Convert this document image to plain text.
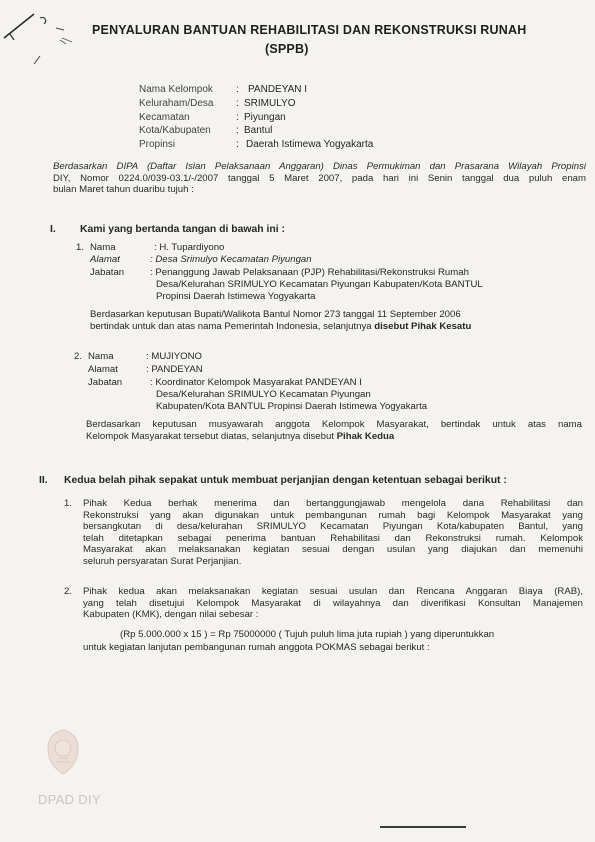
PENYALURAN BANTUAN REHABILITASI DAN REKONSTRUKSI RUNAH
(SPPB)
Nama Kelompok : PANDEYAN I
Keluraham/Desa : SRIMULYO
Kecamatan	: Piyungan
Kota/Kabupaten	: Bantul
Propinsi	: Daerah Istimewa Yogyakarta
Berdasarkan DIPA (Daftar Isian Pelaksanaan Anggaran) Dinas Permukiman dan Prasarana Wilayah Propinsi
DIY, Nomor 0224.0/039-03.1/-/2007 tanggal 5 Maret 2007, pada hari ini Senin tanggal dua puluh enam
bulan Maret tahun duaribu tujuh :
I. Kami yang bertanda tangan di bawah ini :
1. Nama	: H. Tupardiyono
Alamat	: Desa Srimulyo Kecamatan Piyungan
Jabatan	: Penanggung Jawab Pelaksanaan (PJP) Rehabilitasi/Rekonstruksi Rumah
Desa/Kelurahan SRIMULYO Kecamatan Piyungan Kabupaten/Kota BANTUL
Propinsi Daerah Istimewa Yogyakarta
Berdasarkan keputusan Bupati/Walikota Bantul Nomor 273 tanggal 11 September 2006
bertindak untuk dan atas nama Pemerintah Indonesia, selanjutnya disebut Pihak Kesatu
2. Nama	: MUJIYONO
Alamat	: PANDEYAN
Jabatan	: Koordinator Kelompok Masyarakat PANDEYAN I
Desa/Kelurahan SRIMULYO Kecamatan Piyungan
Kabupaten/Kota BANTUL Propinsi Daerah Istimewa Yogyakarta
Berdasarkan keputusan musyawarah anggota Kelompok Masyarakat, bertindak untuk atas nama
Kelompok Masyarakat tersebut diatas, selanjutnya disebut Pihak Kedua
II. Kedua belah pihak sepakat untuk membuat perjanjian dengan ketentuan sebagai berikut :
1. Pihak Kedua berhak menerima dan bertanggungjawab mengelola dana Rehabilitasi dan
Rekonstruksi yang akan digunakan untuk pembangunan rumah bagi Kelompok Masyarakat yang
bersangkutan di desa/kelurahan SRIMULYO Kecamatan Piyungan Kota/kabupaten Bantul, yang
telah ditetapkan sebagai penerima bantuan Rehabilitasi dan Rekonstruksi rumah. Kelompok
Masyarakat akan melaksanakan kegiatan sesuai dengan usulan yang diajukan dan memenuhi
seluruh persyaratan Surat Perjanjian.
2. Pihak kedua akan melaksanakan kegiatan sesuai usulan dan Rencana Anggaran Biaya (RAB),
yang telah disetujui Kelompok Masyarakat di wilayahnya dan diverifikasi Konsultan Manajemen
Kabupaten (KMK), dengan nilai sebesar :
(Rp 5.000.000 x 15 ) = Rp 75000000 ( Tujuh puluh lima juta rupiah ) yang diperuntukkan
untuk kegiatan lanjutan pembangunan rumah anggota POKMAS sebagai berikut :
DPAD DIY
